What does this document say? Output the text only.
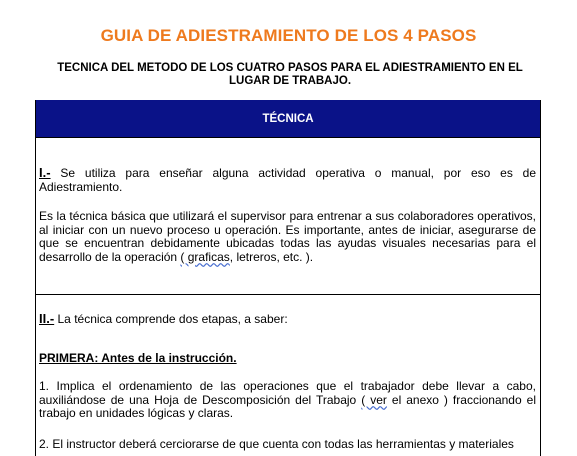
GUIA DE ADIESTRAMIENTO DE LOS 4 PASOS
TECNICA DEL METODO DE LOS CUATRO PASOS PARA EL ADIESTRAMIENTO EN EL
LUGAR DE TRABAJO.
TÉCNICA
I.- Se utiliza para enseñar alguna actividad operativa o manual, por eso es de Adiestramiento.
Es la técnica básica que utilizará el supervisor para entrenar a sus colaboradores operativos, al iniciar con un nuevo proceso u operación. Es importante, antes de iniciar, asegurarse de que se encuentran debidamente ubicadas todas las ayudas visuales necesarias para el desarrollo de la operación ( graficas, letreros, etc. ).
II.- La técnica comprende dos etapas, a saber:
PRIMERA: Antes de la instrucción.
1. Implica el ordenamiento de las operaciones que el trabajador debe llevar a cabo, auxiliándose de una Hoja de Descomposición del Trabajo ( ver el anexo ) fraccionando el trabajo en unidades lógicas y claras.
2. El instructor deberá cerciorarse de que cuenta con todas las herramientas y materiales
